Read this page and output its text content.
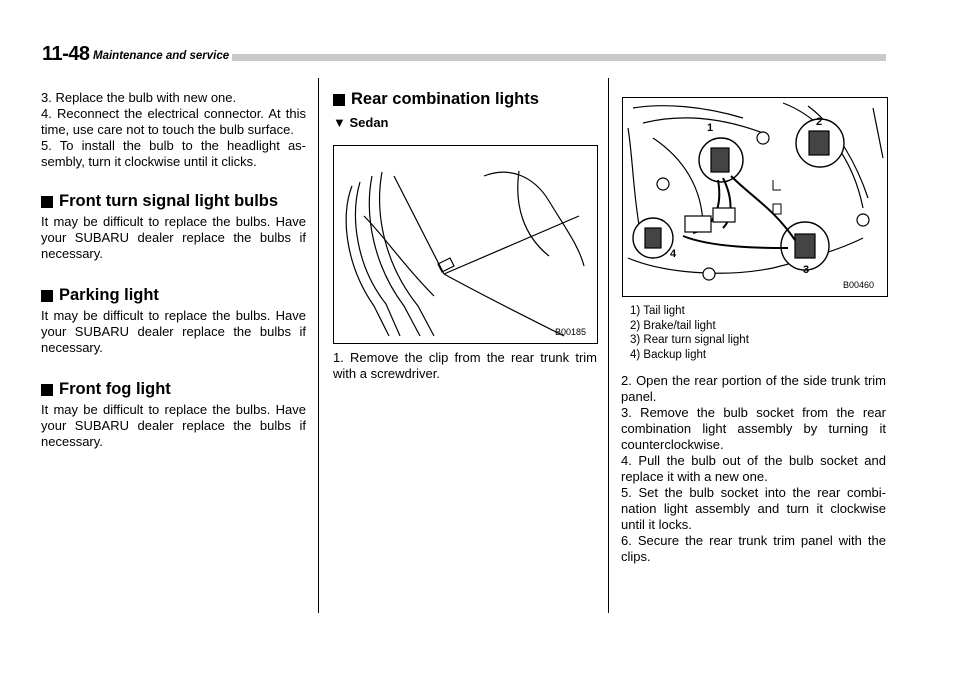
11-48 Maintenance and service

3. Replace the bulb with new one.

4. Reconnect the electrical connector. At this time, use care not to touch the bulb surface.

5. To install the bulb to the headlight as-sembly, turn it clockwise until it clicks.

Front turn signal light bulbs

It may be difficult to replace the bulbs. Have your SUBARU dealer replace the bulbs if necessary.

Parking light

It may be difficult to replace the bulbs. Have your SUBARU dealer replace the bulbs if necessary.

Front fog light

It may be difficult to replace the bulbs. Have your SUBARU dealer replace the bulbs if necessary.

Rear combination lights

▼ Sedan

B00185

1. Remove the clip from the rear trunk trim with a screwdriver.

1	2
3
4
B00460

1) Tail light

2) Brake/tail light

3) Rear turn signal light

4) Backup light

2. Open the rear portion of the side trunk trim panel.

3. Remove the bulb socket from the rear combination light assembly by turning it counterclockwise.

4. Pull the bulb out of the bulb socket and replace it with a new one.

5. Set the bulb socket into the rear combi-nation light assembly and turn it clockwise until it locks.

6. Secure the rear trunk trim panel with the clips.
